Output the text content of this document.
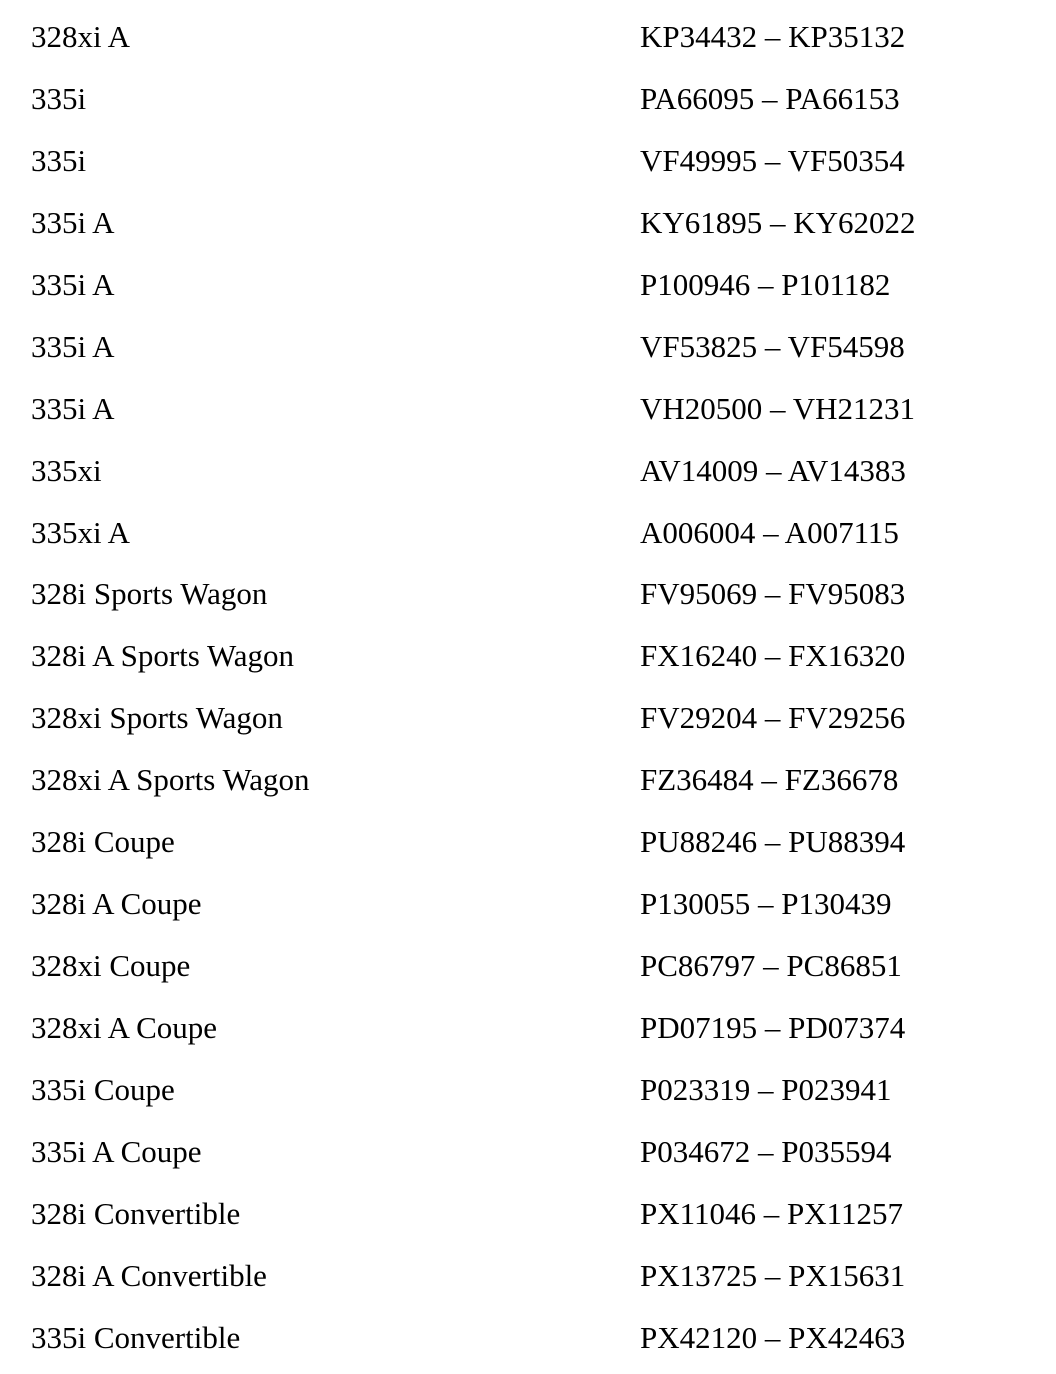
328xi A	KP34432 – KP35132
335i	PA66095 – PA66153
335i	VF49995 – VF50354
335i A	KY61895 – KY62022
335i A	P100946 – P101182
335i A	VF53825 – VF54598
335i A	VH20500 – VH21231
335xi	AV14009 – AV14383
335xi A	A006004 – A007115
328i Sports Wagon	FV95069 – FV95083
328i A Sports Wagon	FX16240 – FX16320
328xi Sports Wagon	FV29204 – FV29256
328xi A Sports Wagon	FZ36484 – FZ36678
328i Coupe	PU88246 – PU88394
328i A Coupe	P130055 – P130439
328xi Coupe	PC86797 – PC86851
328xi A Coupe	PD07195 – PD07374
335i Coupe	P023319 – P023941
335i A Coupe	P034672 – P035594
328i Convertible	PX11046 – PX11257
328i A Convertible	PX13725 – PX15631
335i Convertible	PX42120 – PX42463
